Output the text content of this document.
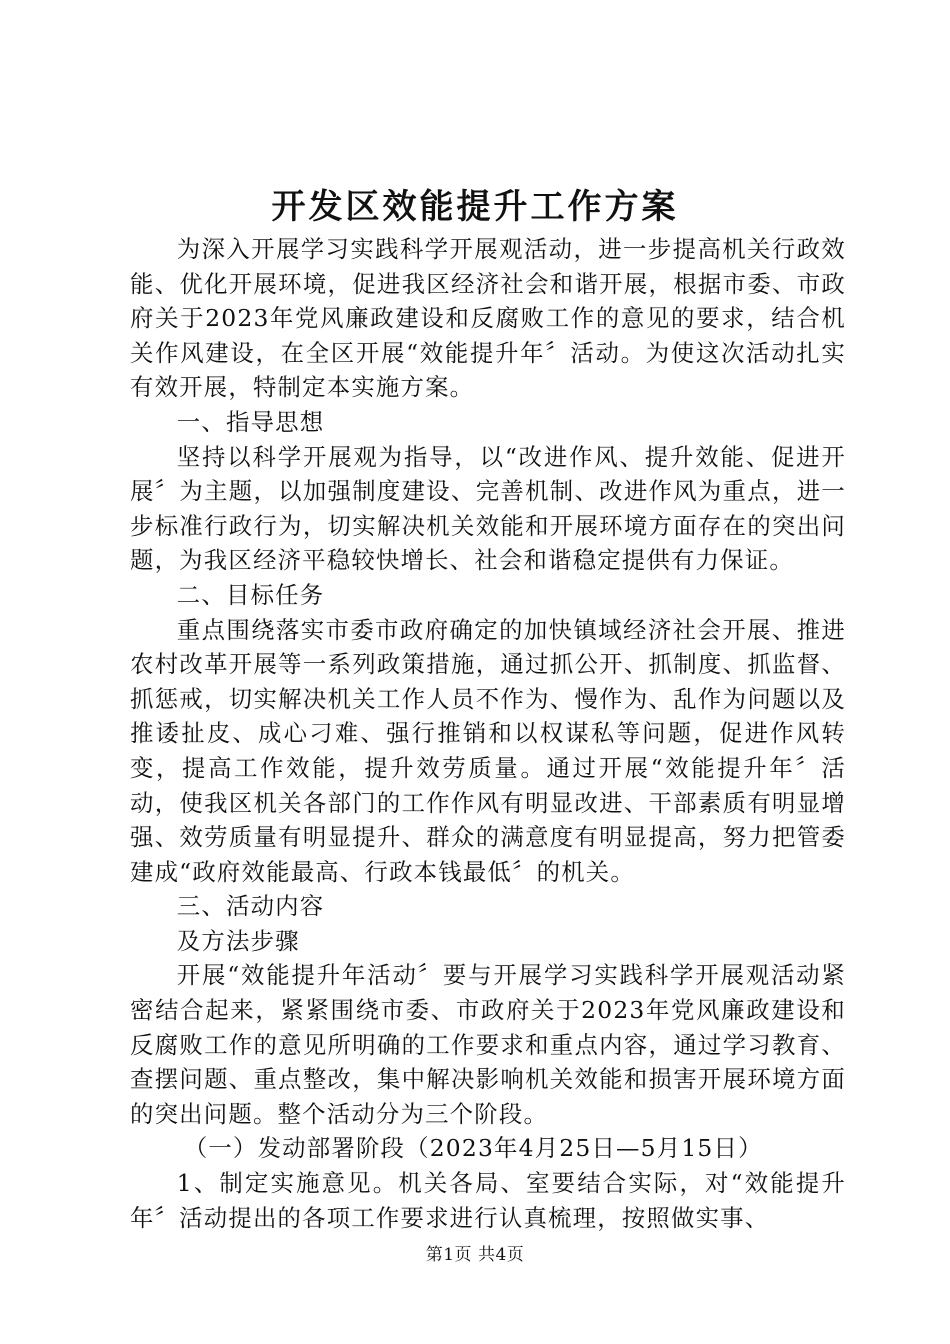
开发区效能提升工作方案

为深入开展学习实践科学开展观活动，进一步提高机关行政效能、优化开展环境，促进我区经济社会和谐开展，根据市委、市政府关于2023年党风廉政建设和反腐败工作的意见的要求，结合机关作风建设，在全区开展“效能提升年〞活动。为使这次活动扎实有效开展，特制定本实施方案。

一、指导思想

坚持以科学开展观为指导，以“改进作风、提升效能、促进开展〞为主题，以加强制度建设、完善机制、改进作风为重点，进一步标准行政行为，切实解决机关效能和开展环境方面存在的突出问题，为我区经济平稳较快增长、社会和谐稳定提供有力保证。

二、目标任务

重点围绕落实市委市政府确定的加快镇域经济社会开展、推进农村改革开展等一系列政策措施，通过抓公开、抓制度、抓监督、抓惩戒，切实解决机关工作人员不作为、慢作为、乱作为问题以及推诿扯皮、成心刁难、强行推销和以权谋私等问题，促进作风转变，提高工作效能，提升效劳质量。通过开展“效能提升年〞活动，使我区机关各部门的工作作风有明显改进、干部素质有明显增强、效劳质量有明显提升、群众的满意度有明显提高，努力把管委建成“政府效能最高、行政本钱最低〞的机关。

三、活动内容

及方法步骤

开展“效能提升年活动〞要与开展学习实践科学开展观活动紧密结合起来，紧紧围绕市委、市政府关于2023年党风廉政建设和反腐败工作的意见所明确的工作要求和重点内容，通过学习教育、查摆问题、重点整改，集中解决影响机关效能和损害开展环境方面的突出问题。整个活动分为三个阶段。

（一）发动部署阶段（2023年4月25日—5月15日）

1、制定实施意见。机关各局、室要结合实际，对“效能提升年〞活动提出的各项工作要求进行认真梳理，按照做实事、

第1页 共4页
